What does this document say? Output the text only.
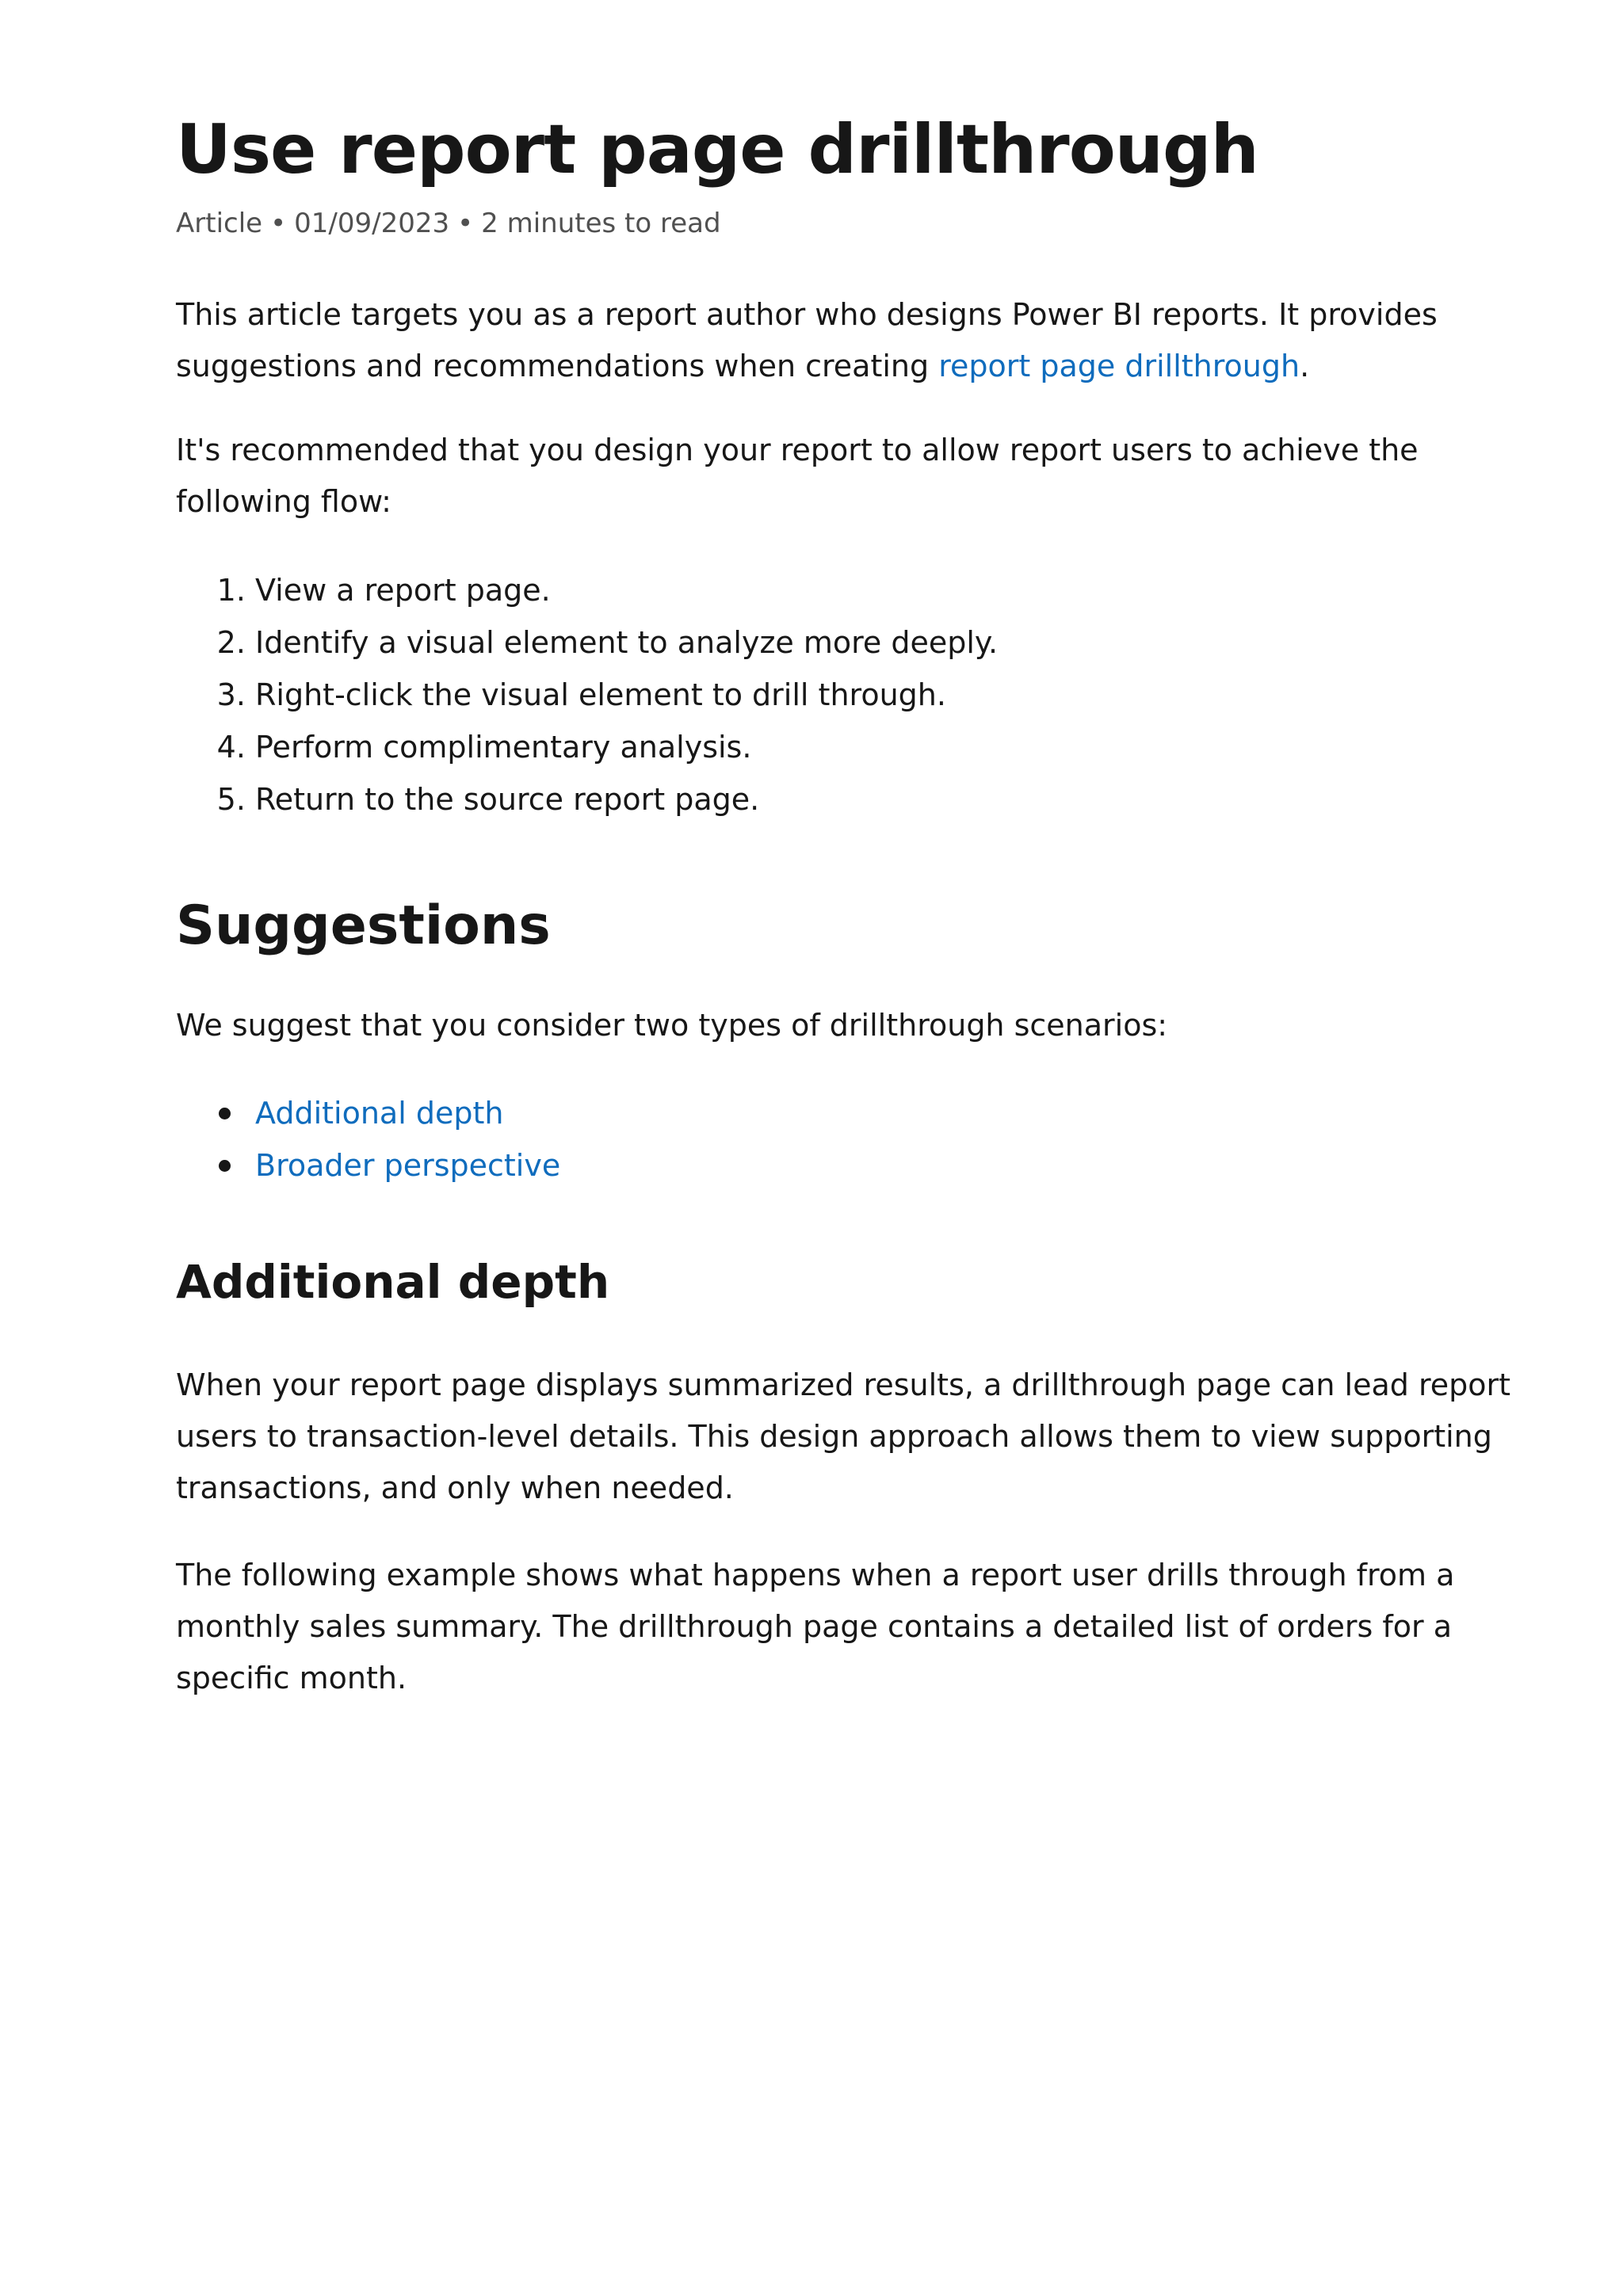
Use report page drillthrough
Article • 01/09/2023 • 2 minutes to read

This article targets you as a report author who designs Power BI reports. It provides
suggestions and recommendations when creating report page drillthrough.

It's recommended that you design your report to allow report users to achieve the
following flow:

1. View a report page.
2. Identify a visual element to analyze more deeply.
3. Right-click the visual element to drill through.
4. Perform complimentary analysis.
5. Return to the source report page.
Suggestions

We suggest that you consider two types of drillthrough scenarios:

Additional depth
Broader perspective
Additional depth

When your report page displays summarized results, a drillthrough page can lead report
users to transaction-level details. This design approach allows them to view supporting
transactions, and only when needed.

The following example shows what happens when a report user drills through from a
monthly sales summary. The drillthrough page contains a detailed list of orders for a
specific month.
